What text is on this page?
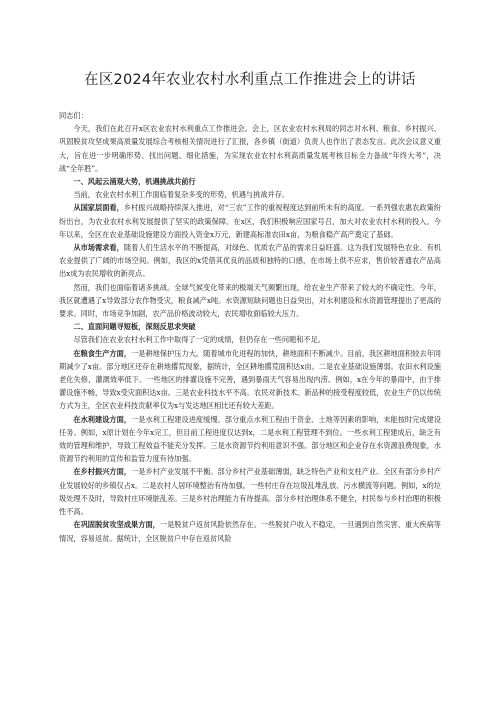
在区2024年农业农村水利重点工作推进会上的讲话

同志们：

今天，我们在此召开x区农业农村水利重点工作推进会。会上，区农业农村水利局的同志对水利、粮食、乡村振兴、巩固脱贫攻坚成果高质量发展综合考核相关情况进行了汇报，各乡镇（街道）负责人也作出了表态发言。此次会议意义重大，旨在进一步明确形势、找出问题、细化措施，为实现农业农村水利高质量发展考核目标全力备战“年终大考”，决战“全年胜”。

一、风起云涌观大势，机遇挑战共前行

当前，农业农村水利工作面临着复杂多变的形势，机遇与挑战并存。

从国家层面看，乡村振兴战略持续深入推进，对“三农”工作的重视程度达到前所未有的高度。一系列强农惠农政策纷纷出台，为农业农村水利发展提供了坚实的政策保障。在x区，我们积极响应国家号召，加大对农业农村水利的投入。今年以来，全区在农业基础设施建设方面投入资金x万元，新建高标准农田x亩，为粮食稳产高产奠定了基础。

从市场需求看，随着人们生活水平的不断提高，对绿色、优质农产品的需求日益旺盛。这为我们发展特色农业、有机农业提供了广阔的市场空间。例如，我区的x凭借其优良的品质和独特的口感，在市场上供不应求，售价较普通农产品高出x成为农民增收的新亮点。

然而，我们也面临着诸多挑战。全球气候变化带来的极端天气频繁出现，给农业生产带来了较大的不确定性。今年，我区就遭遇了x导致部分农作物受灾，粮食减产x吨。水资源短缺问题也日益突出，对水利建设和水资源管理提出了更高的要求。同时，市场竞争加剧，农产品价格波动较大，农民增收面临较大压力。

二、直面问题寻短板，深刻反思求突破

尽管我们在农业农村水利工作中取得了一定的成绩，但仍存在一些问题和不足。

在粮食生产方面，一是耕地保护压力大。随着城市化进程的加快，耕地面积不断减少。目前，我区耕地面积较去年同期减少了x亩。部分地区还存在耕地撂荒现象，据统计，全区耕地撂荒面积达x亩。二是农业基础设施薄弱。农田水利设施老化失修，灌溉效率低下。一些地区的排灌设施不完善，遇到暴雨天气容易出现内涝。例如，x在今年的暴雨中，由于排灌设施不畅，导致x受灾面积达x亩。三是农业科技水平不高。农民对新技术、新品种的接受程度较低，农业生产仍以传统方式为主，全区农业科技贡献率仅为x与发达地区相比还有较大差距。

在水利建设方面，一是水利工程建设进度缓慢。部分重点水利工程由于资金、土地等因素的影响，未能按时完成建设任务。例如，x原计划在今年x完工，但目前工程进度仅达到x，二是水利工程管理不到位。一些水利工程建成后，缺乏有效的管理和维护，导致工程效益不能充分发挥。三是水资源节约利用意识不强。部分地区和企业存在水资源浪费现象，水资源节约利用的宣传和监管力度有待加强。

在乡村振兴方面，一是乡村产业发展不平衡。部分乡村产业基础薄弱，缺乏特色产业和支柱产业。全区有部分乡村产业发展较好的乡镇仅占x。二是农村人居环境整治有待加强。一些村庄存在垃圾乱堆乱放、污水横流等问题。例如，x的垃圾处理不及时，导致村庄环境脏乱差。三是乡村治理能力有待提高。部分乡村治理体系不健全，村民参与乡村治理的积极性不高。

在巩固脱贫攻坚成果方面，一是脱贫户返贫风险依然存在。一些脱贫户收入不稳定，一旦遇到自然灾害、重大疾病等情况，容易返贫。据统计，全区脱贫户中存在返贫风险
